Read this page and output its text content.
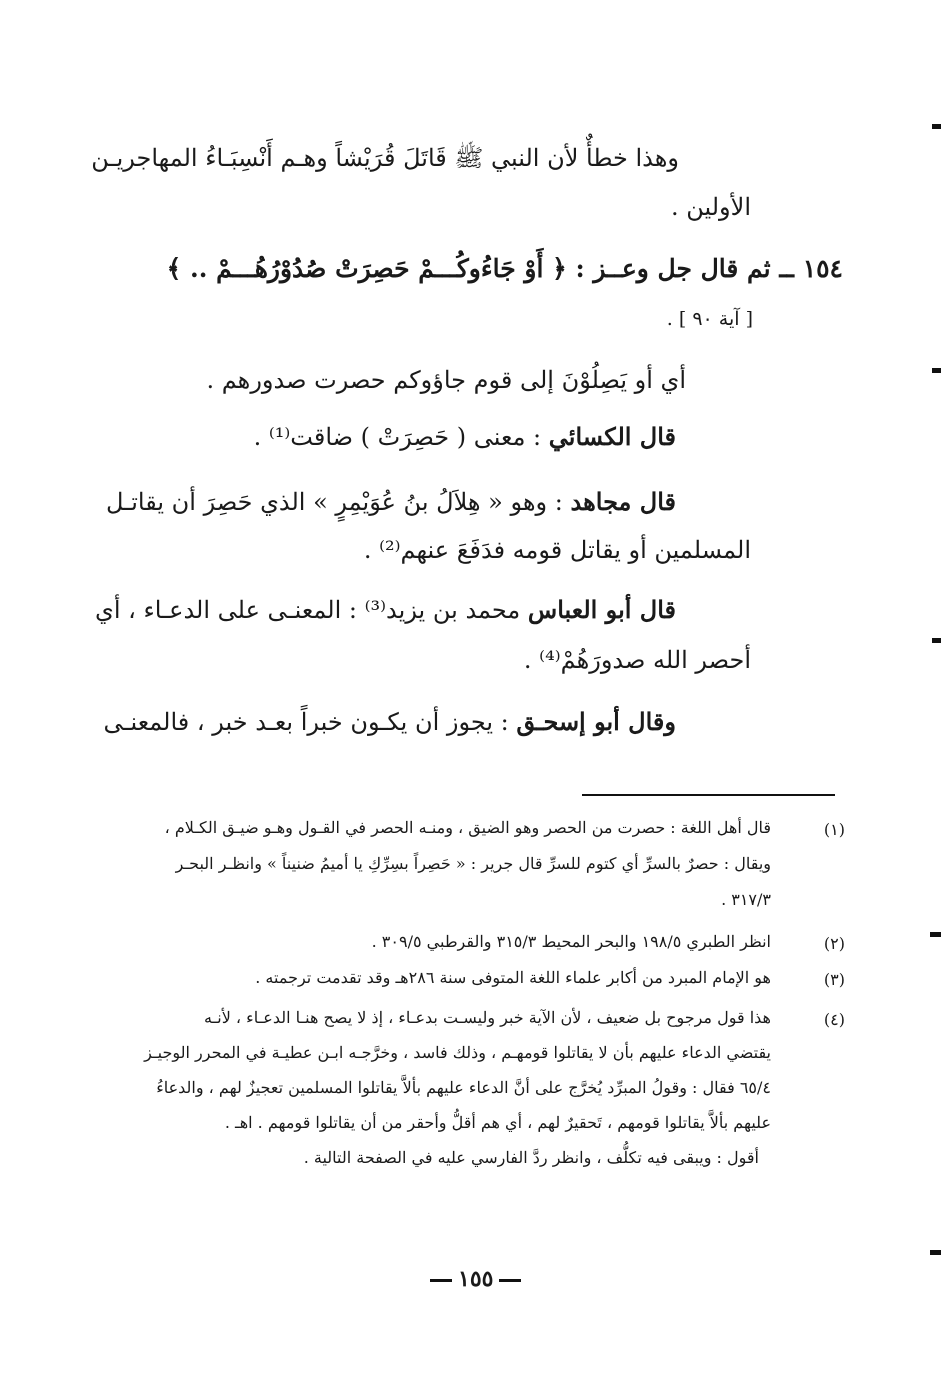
وهذا خطأٌ لأن النبي ﷺ قَاتَلَ قُرَيْشاً وهـم أَنْسِبَـاءُ المهاجريـن
الأولين .
١٥٤ ــ ثم قال جل وعــز : ﴿ أَوْ جَاءُوكُـــمْ حَصِرَتْ صُدُوْرُهُـــمْ .. ﴾
[ آية ٩٠ ] .
أي أو يَصِلُوْنَ إلى قوم جاؤوكم حصرت صدورهم .
قال الكسائي : معنى ( حَصِرَتْ ) ضاقت⁽¹⁾ .
قال مجاهد : وهو « هِلاَلُ بنُ عُوَيْمِرٍ » الذي حَصِرَ أن يقاتـل
المسلمين أو يقاتل قومه فدَفَعَ عنهم⁽²⁾ .
قال أبو العباس محمد بن يزيد⁽³⁾ : المعنـى على الدعـاء ، أي
أحصر الله صدورَهُمْ⁽⁴⁾ .
وقال أبو إسحـق : يجوز أن يكـون خبراً بعـد خبر ، فالمعنـى
(١)
قال أهل اللغة : حصرت من الحصر وهو الضيق ، ومنـه الحصر في القـول وهـو ضيـق الكـلام ،
ويقال : حصرٌ بالسرِّ أي كتوم للسرِّ قال جرير : « حَصِراً بسِرِّكِ يا أميمُ ضنيناً » وانظـر البحـر
٣١٧/٣ .
(٢)
انظر الطبري ١٩٨/٥ والبحر المحيط ٣١٥/٣ والقرطبي ٣٠٩/٥ .
(٣)
هو الإمام المبرد من أكابر علماء اللغة المتوفى سنة ٢٨٦هـ وقد تقدمت ترجمته .
(٤)
هذا قول مرجوح بل ضعيف ، لأن الآية خبر وليسـت بدعـاء ، إذ لا يصح هنـا الدعـاء ، لأنـه
يقتضي الدعاء عليهم بأن لا يقاتلوا قومهـم ، وذلك فاسد ، وخرَّجـه ابـن عطيـة في المحرر الوجيـز
٦٥/٤ فقال : وقولُ المبرِّد يُخرَّج على أنَّ الدعاء عليهم بألاَّ يقاتلوا المسلمين تعجيزٌ لهم ، والدعاءُ
عليهم بألاَّ يقاتلوا قومهم ، تَحقيرٌ لهم ، أي هم أقلُّ وأحقر من أن يقاتلوا قومهم . اهـ .
أقول : ويبقى فيه تكلُّف ، وانظر ردَّ الفارسي عليه في الصفحة التالية .
١٥٥
